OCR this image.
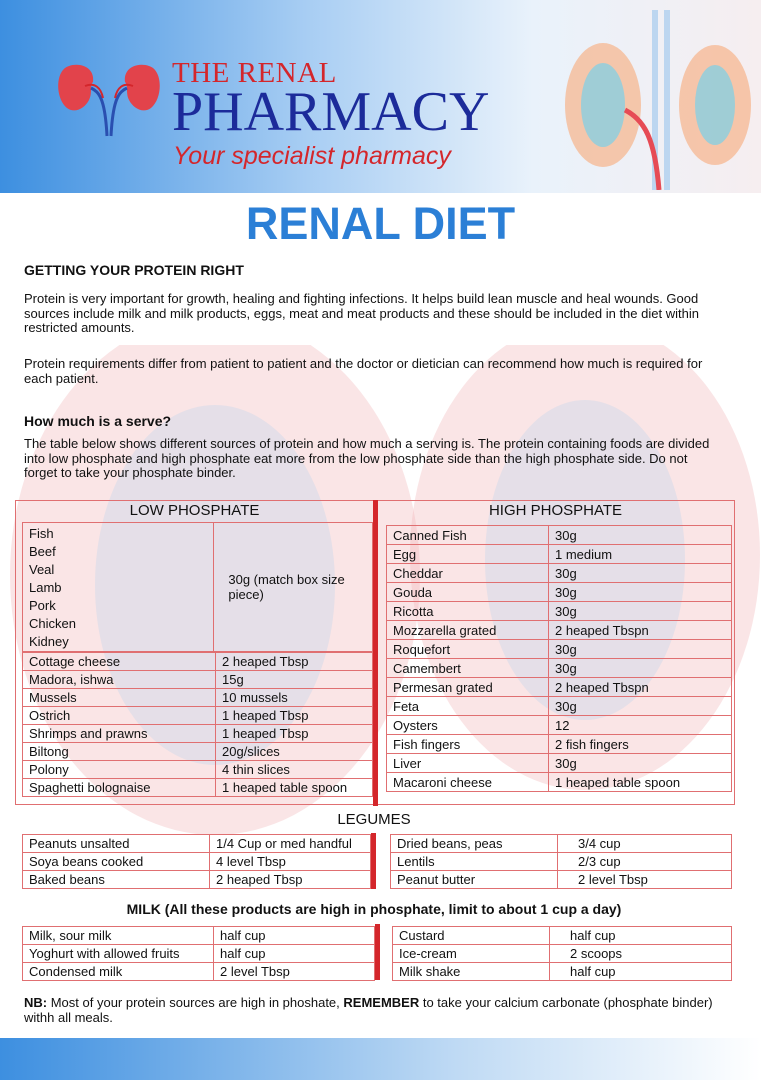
THE RENAL
PHARMACY
Your specialist pharmacy
RENAL DIET
GETTING YOUR PROTEIN RIGHT
Protein is very important for growth, healing and fighting infections. It helps build lean muscle and heal wounds. Good sources include milk and milk products, eggs, meat and meat products and these should be included in the diet within restricted amounts.
Protein requirements differ from patient to patient and the doctor or dietician can recommend how much is required for each patient.
How much is a serve?
The table below shows different sources of protein and how much a serving is. The protein containing foods are divided into low phosphate and high phosphate eat more from the low phosphate side than the high phosphate side. Do not forget to take your phosphate binder.
LOW PHOSPHATE	HIGH PHOSPHATE
Fish
Beef
Veal
Lamb
Pork
Chicken
Kidney
	30g (match box size piece)
Cottage cheese	2 heaped Tbsp
Madora, ishwa	15g
Mussels	10 mussels
Ostrich	1 heaped Tbsp
Shrimps and prawns	1 heaped Tbsp
Biltong	20g/slices
Polony	4 thin slices
Spaghetti bolognaise	1 heaped table spoon
Canned Fish	30g
Egg	1 medium
Cheddar	30g
Gouda	30g
Ricotta	30g
Mozzarella grated	2 heaped Tbspn
Roquefort	30g
Camembert	30g
Permesan grated	2 heaped Tbspn
Feta	30g
Oysters	12
Fish fingers	2 fish fingers
Liver	30g
Macaroni cheese	1 heaped table spoon
LEGUMES
Peanuts unsalted	1/4 Cup or med handful
Soya beans cooked	4 level Tbsp
Baked beans	2 heaped Tbsp
Dried beans, peas	3/4 cup
Lentils	2/3 cup
Peanut butter	2 level Tbsp
MILK (All these products are high in phosphate, limit to about 1 cup a day)
Milk, sour milk	half cup
Yoghurt with allowed fruits	half cup
Condensed milk	2 level Tbsp
Custard	half cup
Ice-cream	2 scoops
Milk shake	half cup
NB: Most of your protein sources are high in phoshate, REMEMBER to take your calcium carbonate (phosphate binder) withh all meals.
